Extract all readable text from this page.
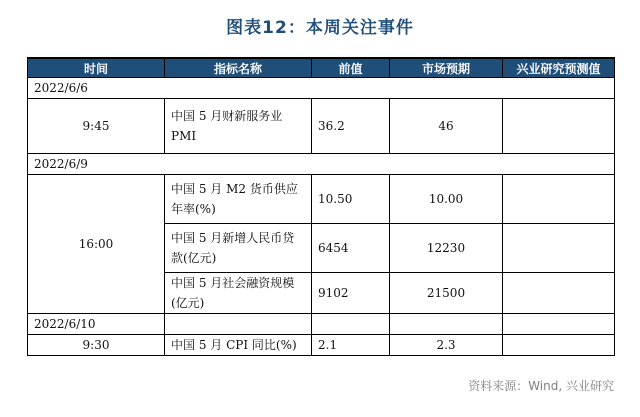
图表12：本周关注事件
时间	指标名称	前值	市场预期	兴业研究预测值
2022/6/6				
9:45	中国 5 月财新服务业 PMI	36.2	46	
2022/6/9				
16:00	中国 5 月 M2 货币供应年率(%)	10.50	10.00	
	中国 5 月新增人民币贷款(亿元)	6454	12230	
	中国 5 月社会融资规模(亿元)	9102	21500	
2022/6/10				
9:30	中国 5 月 CPI 同比(%)	2.1	2.3	
资料来源：Wind, 兴业研究
